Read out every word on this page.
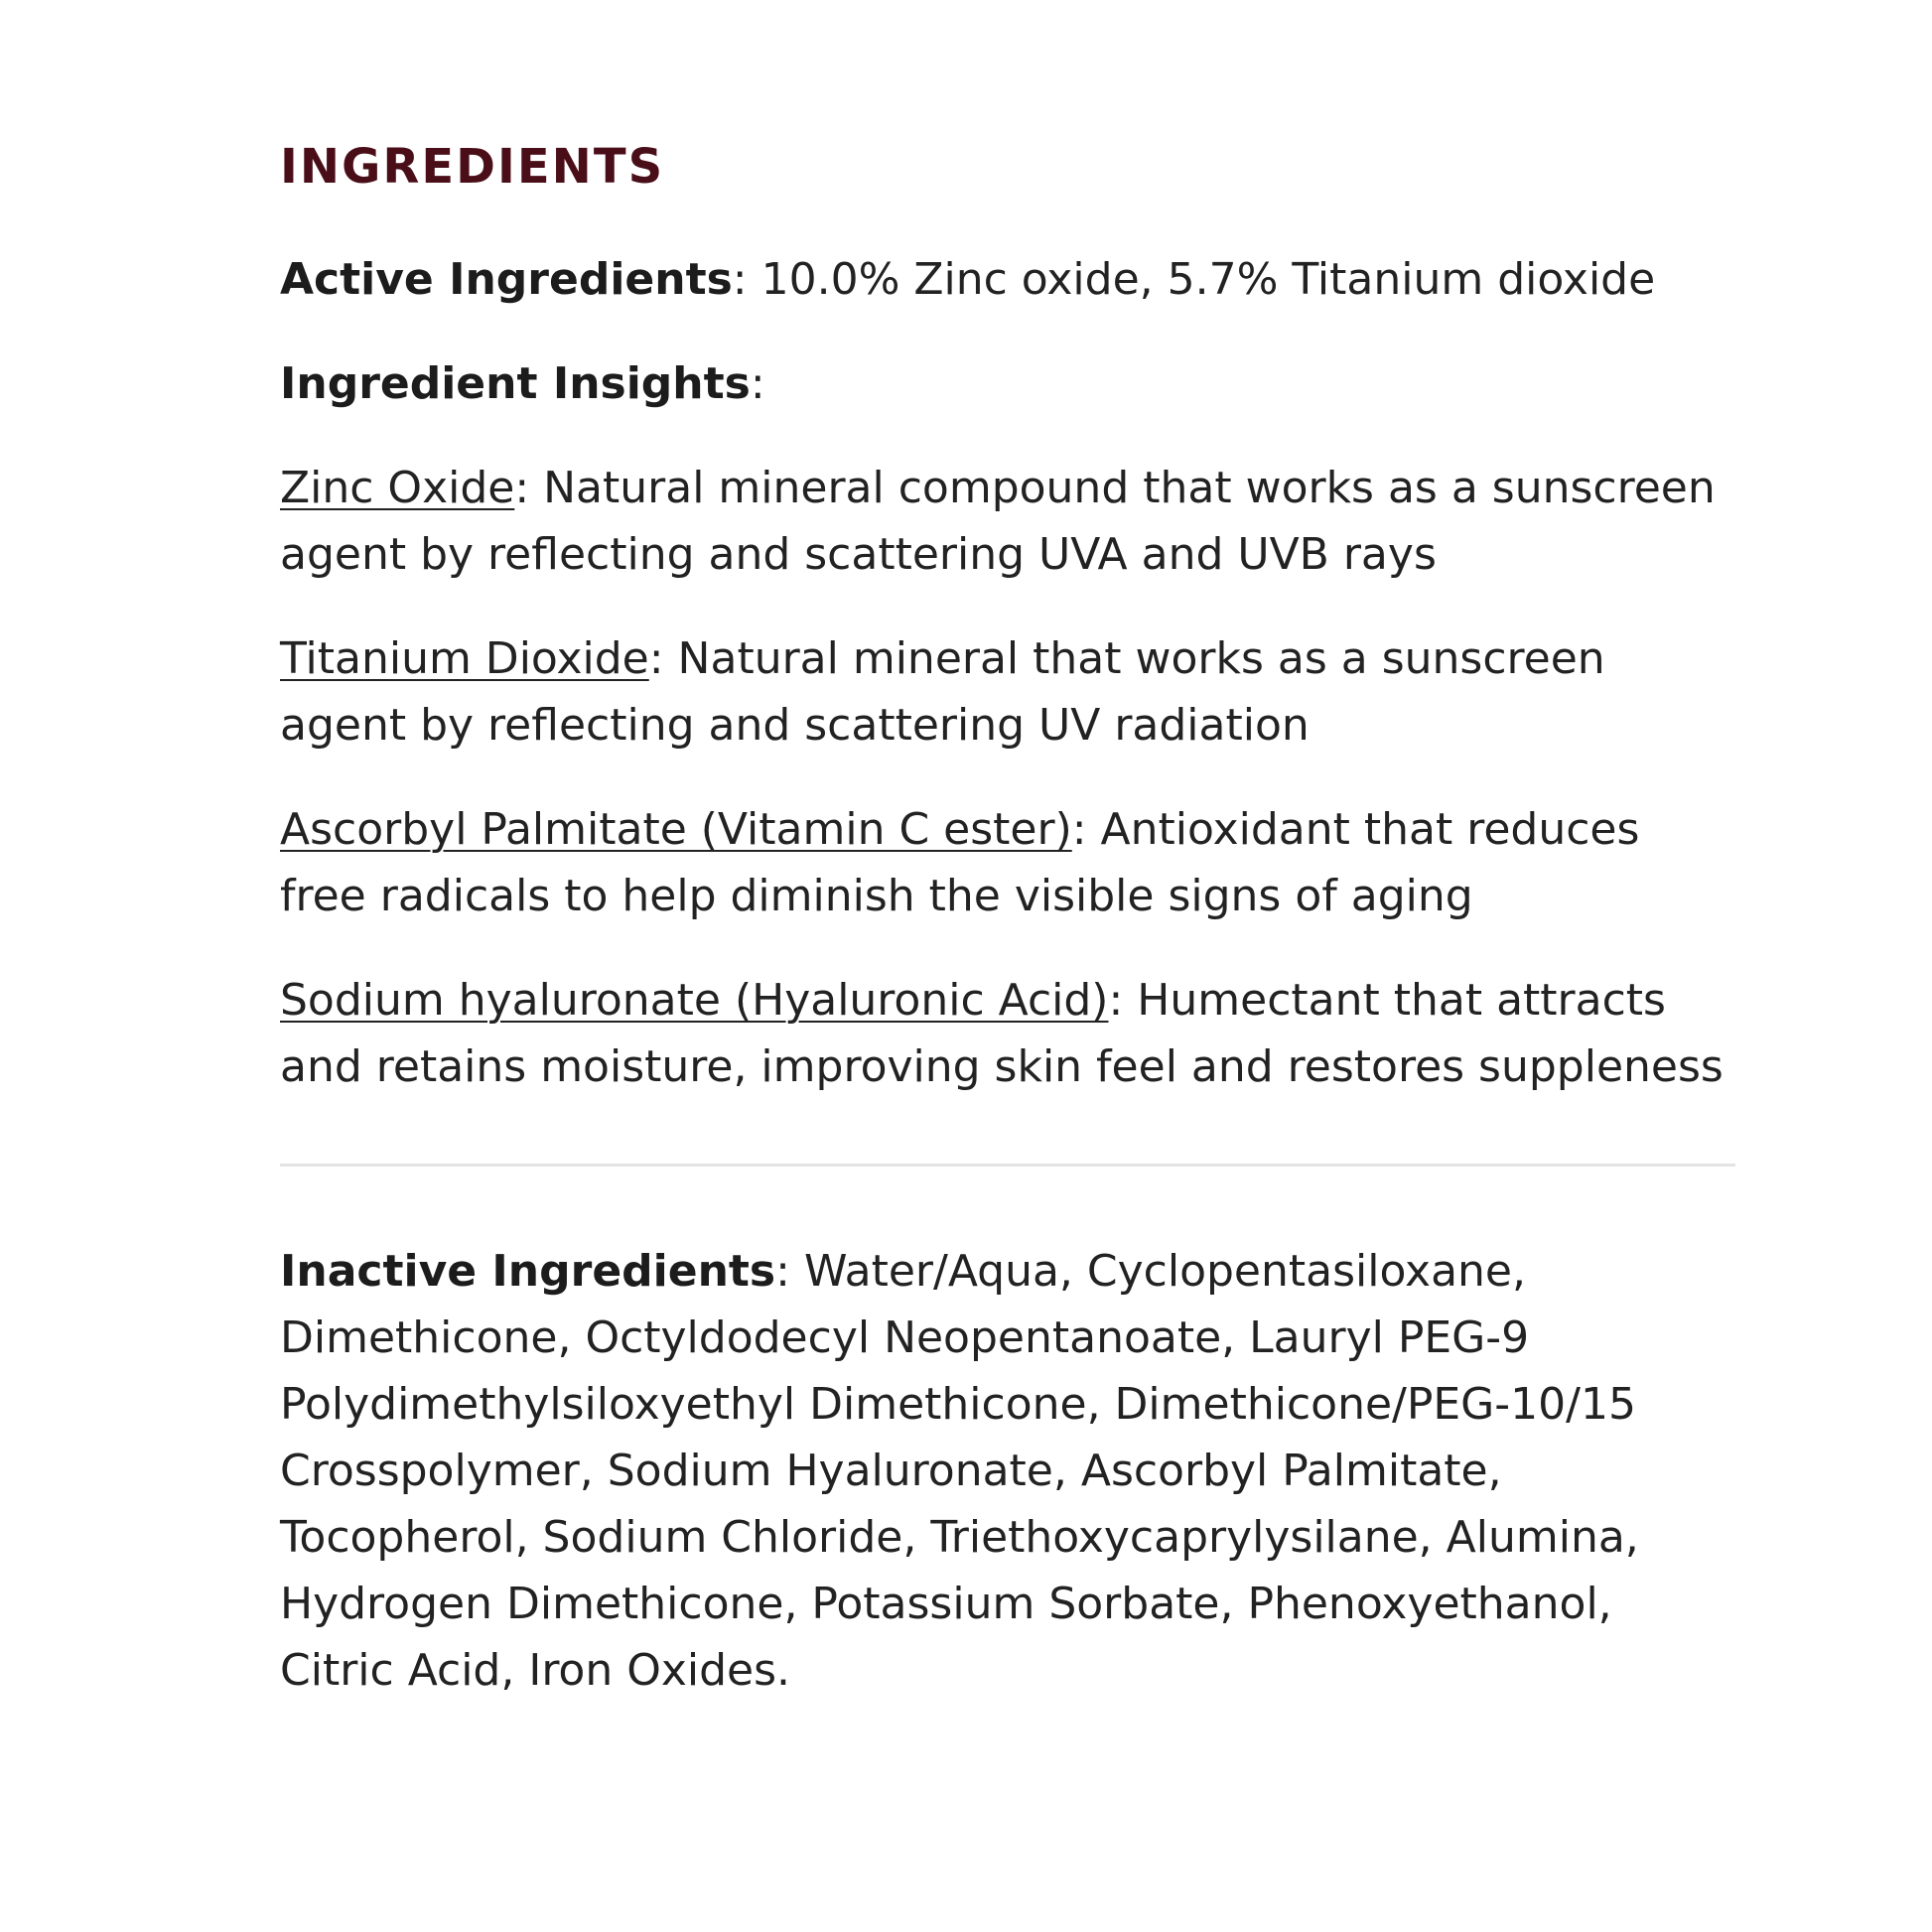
INGREDIENTS

Active Ingredients: 10.0% Zinc oxide, 5.7% Titanium dioxide

Ingredient Insights:

Zinc Oxide: Natural mineral compound that works as a sunscreen agent by reflecting and scattering UVA and UVB rays

Titanium Dioxide: Natural mineral that works as a sunscreen agent by reflecting and scattering UV radiation

Ascorbyl Palmitate (Vitamin C ester): Antioxidant that reduces free radicals to help diminish the visible signs of aging

Sodium hyaluronate (Hyaluronic Acid): Humectant that attracts and retains moisture, improving skin feel and restores suppleness

Inactive Ingredients: Water/Aqua, Cyclopentasiloxane, Dimethicone, Octyldodecyl Neopentanoate, Lauryl PEG-9 Polydimethylsiloxyethyl Dimethicone, Dimethicone/PEG-10/15 Crosspolymer, Sodium Hyaluronate, Ascorbyl Palmitate, Tocopherol, Sodium Chloride, Triethoxycaprylysilane, Alumina, Hydrogen Dimethicone, Potassium Sorbate, Phenoxyethanol, Citric Acid, Iron Oxides.
